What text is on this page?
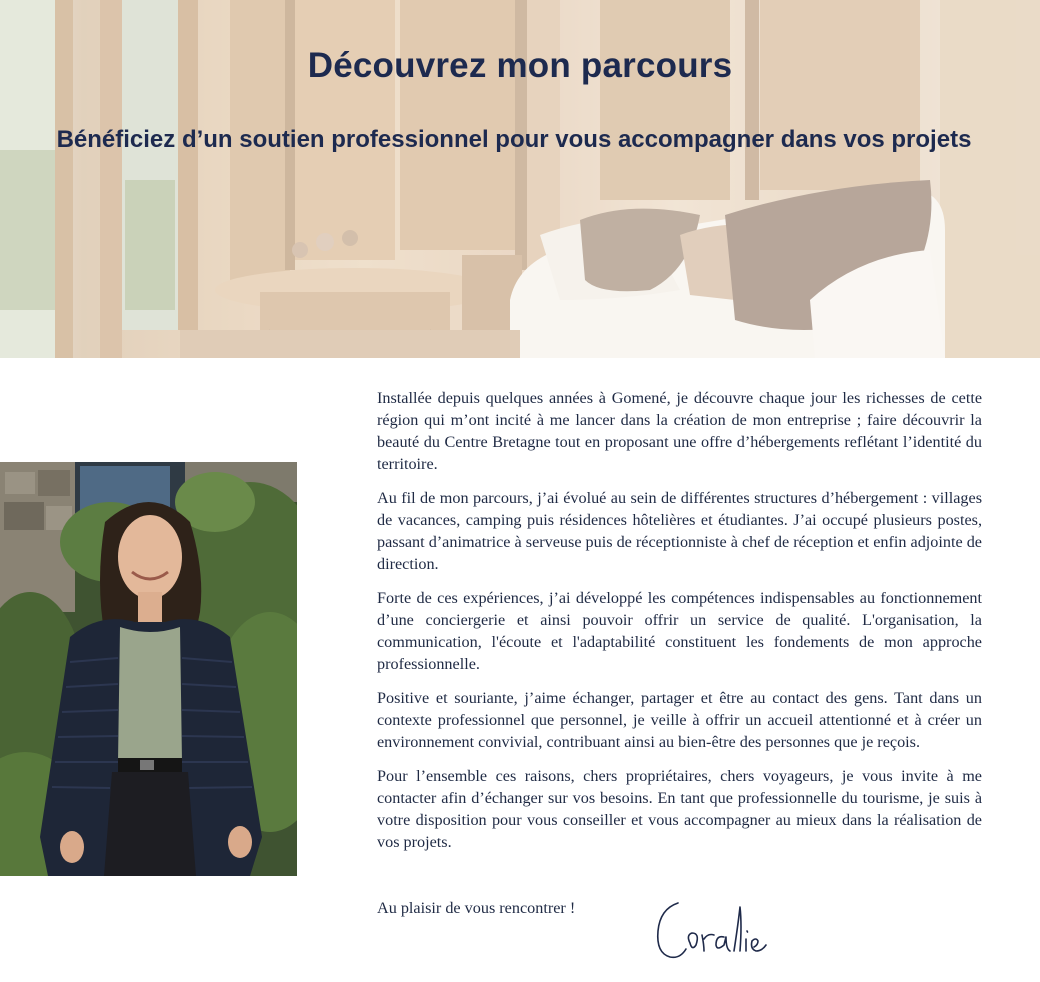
Découvrez mon parcours
Bénéficiez d’un soutien professionnel pour vous accompagner dans vos projets

Installée depuis quelques années à Gomené, je découvre chaque jour les richesses de cette région qui m’ont incité à me lancer dans la création de mon entreprise ; faire découvrir la beauté du Centre Bretagne tout en proposant une offre d’hébergements reflétant l’identité du territoire.

Au fil de mon parcours, j’ai évolué au sein de différentes structures d’hébergement : villages de vacances, camping puis résidences hôtelières et étudiantes. J’ai occupé plusieurs postes, passant d’animatrice à serveuse puis de réceptionniste à chef de réception et enfin adjointe de direction.

Forte de ces expériences, j’ai développé les compétences indispensables au fonctionnement d’une conciergerie et ainsi pouvoir offrir un service de qualité. L'organisation, la communication, l'écoute et l'adaptabilité constituent les fondements de mon approche professionnelle.

Positive et souriante, j’aime échanger, partager et être au contact des gens. Tant dans un contexte professionnel que personnel, je veille à offrir un accueil attentionné et à créer un environnement convivial, contribuant ainsi au bien-être des personnes que je reçois.

Pour l’ensemble ces raisons, chers propriétaires, chers voyageurs, je vous invite à me contacter afin d’échanger sur vos besoins. En tant que professionnelle du tourisme, je suis à votre disposition pour vous conseiller et vous accompagner au mieux dans la réalisation de vos projets.

Au plaisir de vous rencontrer !
